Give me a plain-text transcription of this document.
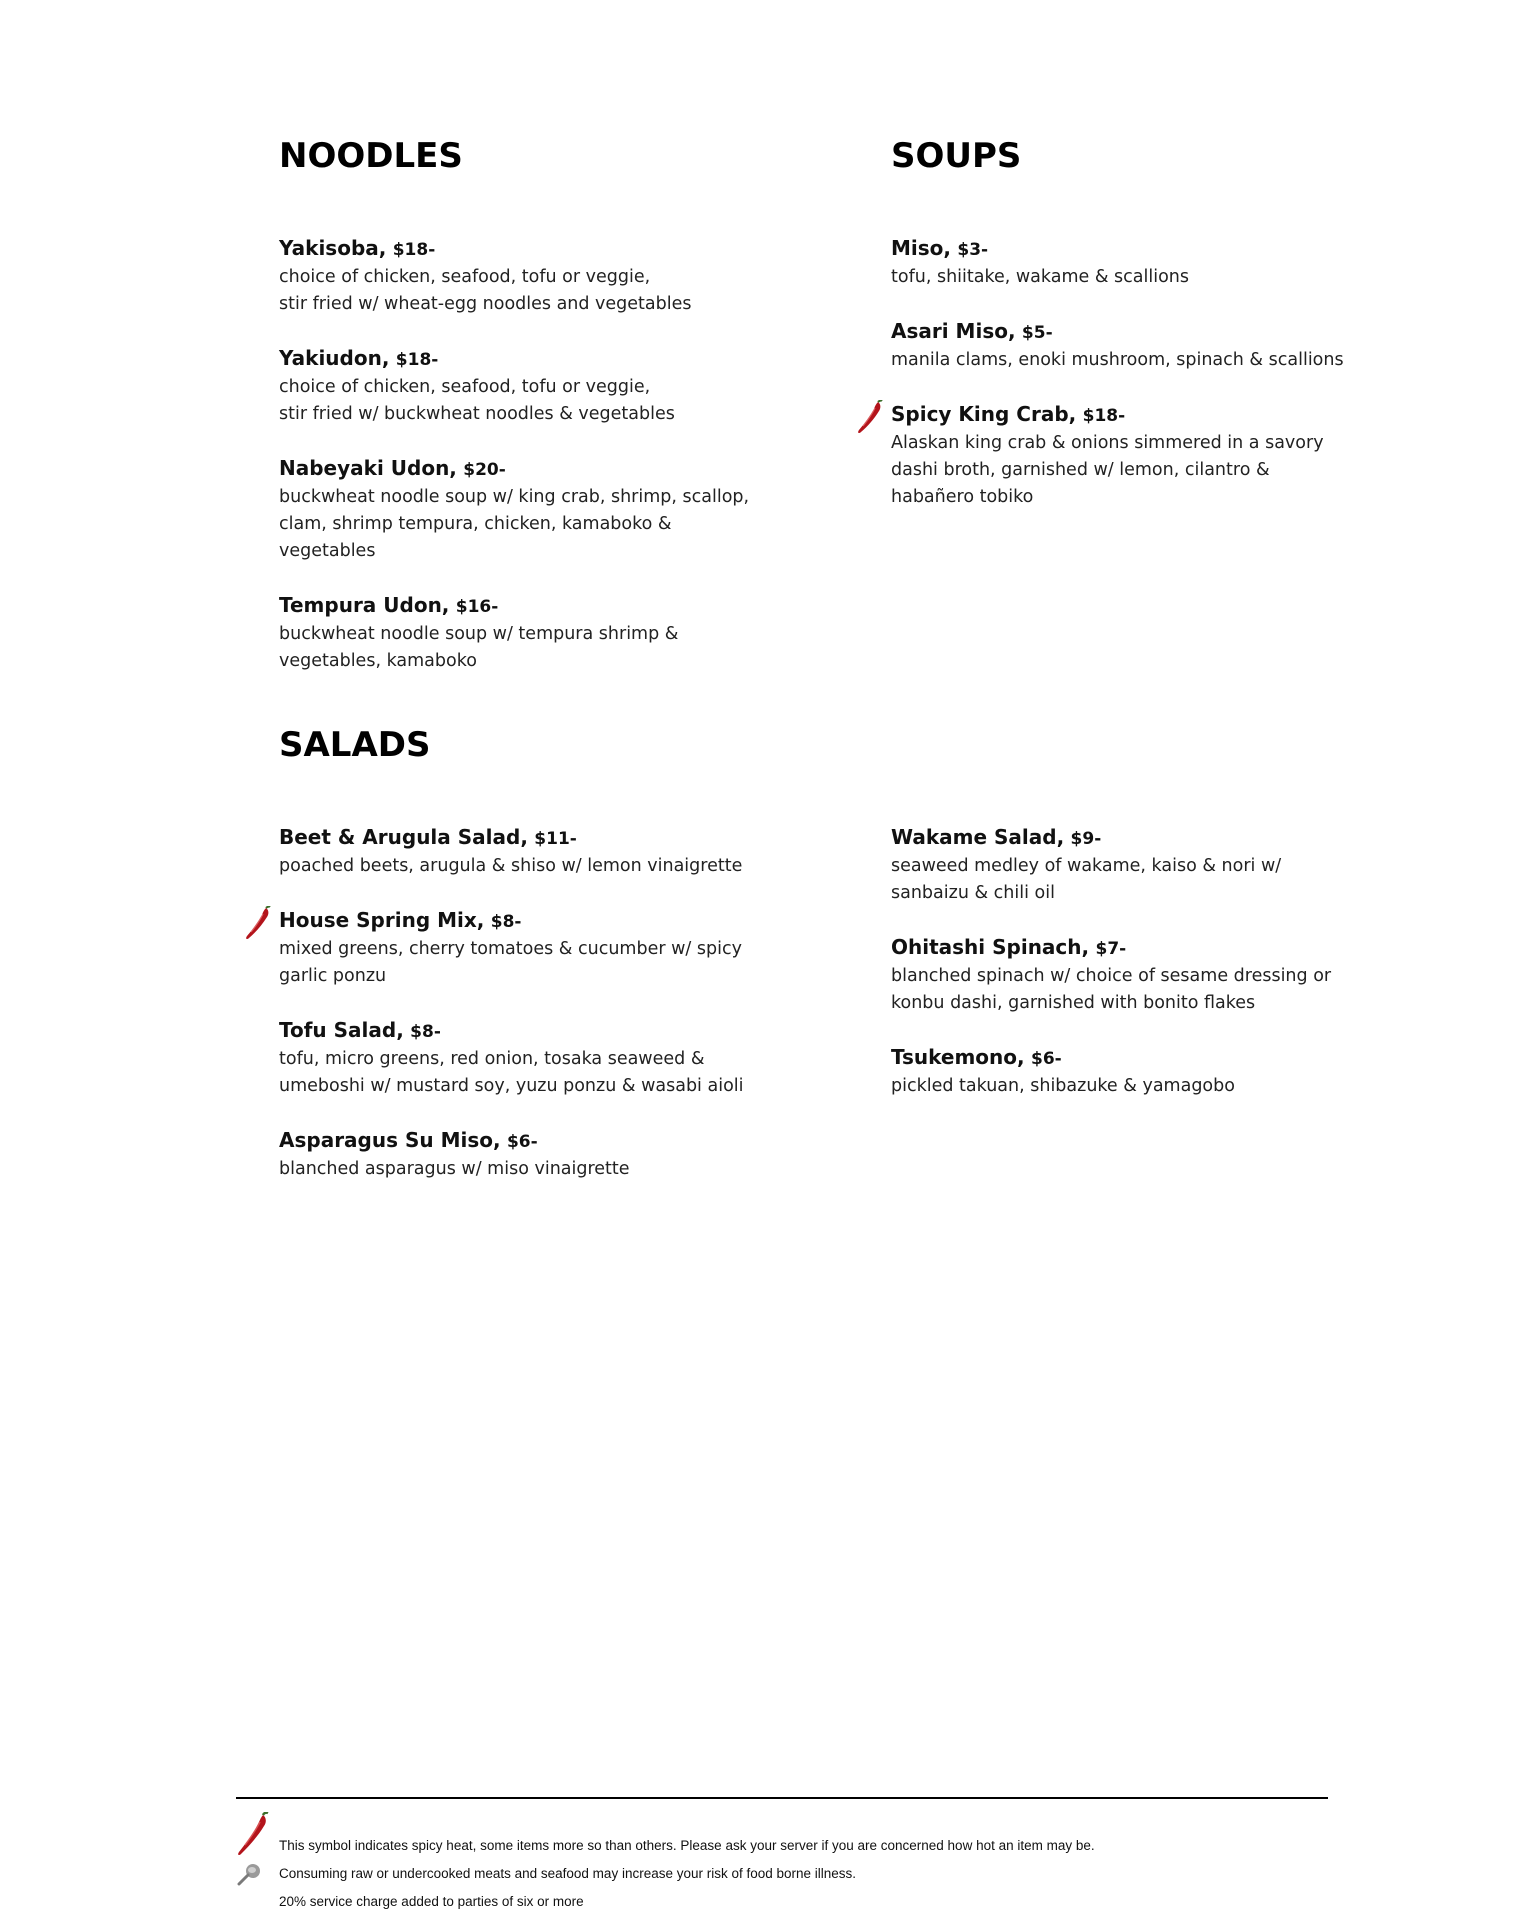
NOODLES
Yakisoba, $18-
choice of chicken, seafood, tofu or veggie,
stir fried w/ wheat-egg noodles and vegetables
Yakiudon, $18-
choice of chicken, seafood, tofu or veggie,
stir fried w/ buckwheat noodles & vegetables
Nabeyaki Udon, $20-
buckwheat noodle soup w/ king crab, shrimp, scallop,
clam, shrimp tempura, chicken, kamaboko &
vegetables
Tempura Udon, $16-
buckwheat noodle soup w/ tempura shrimp &
vegetables, kamaboko
SOUPS
Miso, $3-
tofu, shiitake, wakame & scallions
Asari Miso, $5-
manila clams, enoki mushroom, spinach & scallions
Spicy King Crab, $18-
Alaskan king crab & onions simmered in a savory
dashi broth, garnished w/ lemon, cilantro &
habañero tobiko
SALADS
Beet & Arugula Salad, $11-
poached beets, arugula & shiso w/ lemon vinaigrette
House Spring Mix, $8-
mixed greens, cherry tomatoes & cucumber w/ spicy
garlic ponzu
Tofu Salad, $8-
tofu, micro greens, red onion, tosaka seaweed &
umeboshi w/ mustard soy, yuzu ponzu & wasabi aioli
Asparagus Su Miso, $6-
blanched asparagus w/ miso vinaigrette
Wakame Salad, $9-
seaweed medley of wakame, kaiso & nori w/
sanbaizu & chili oil
Ohitashi Spinach, $7-
blanched spinach w/ choice of sesame dressing or
konbu dashi, garnished with bonito flakes
Tsukemono, $6-
pickled takuan, shibazuke & yamagobo
This symbol indicates spicy heat, some items more so than others. Please ask your server if you are concerned how hot an item may be.
Consuming raw or undercooked meats and seafood may increase your risk of food borne illness.
20% service charge added to parties of six or more
